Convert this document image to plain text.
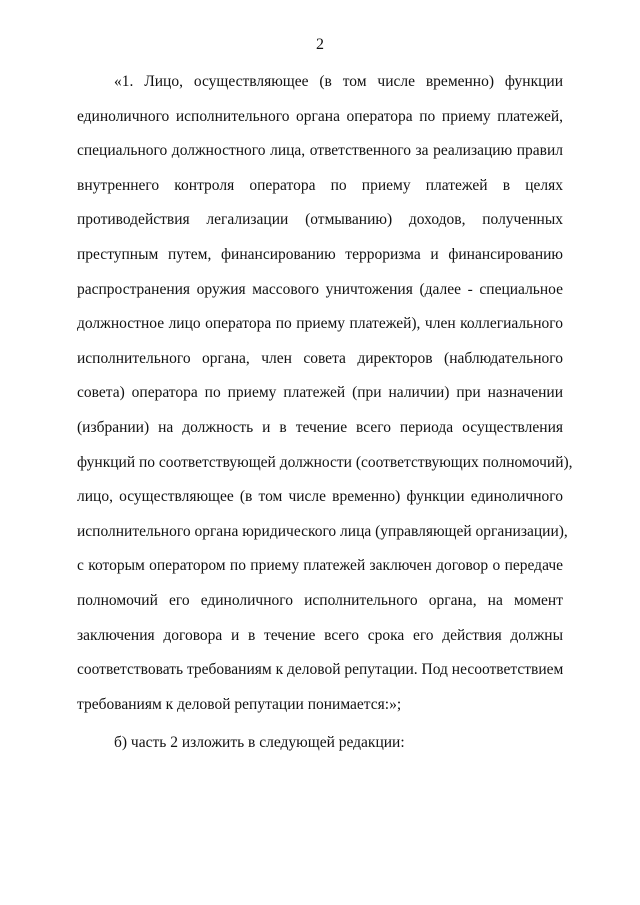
2
«1. Лицо, осуществляющее (в том числе временно) функции
единоличного исполнительного органа оператора по приему платежей,
специального должностного лица, ответственного за реализацию правил
внутреннего контроля оператора по приему платежей в целях
противодействия легализации (отмыванию) доходов, полученных
преступным путем, финансированию терроризма и финансированию
распространения оружия массового уничтожения (далее - специальное
должностное лицо оператора по приему платежей), член коллегиального
исполнительного органа, член совета директоров (наблюдательного
совета) оператора по приему платежей (при наличии) при назначении
(избрании) на должность и в течение всего периода осуществления
функций по соответствующей должности (соответствующих полномочий),
лицо, осуществляющее (в том числе временно) функции единоличного
исполнительного органа юридического лица (управляющей организации),
с которым оператором по приему платежей заключен договор о передаче
полномочий его единоличного исполнительного органа, на момент
заключения договора и в течение всего срока его действия должны
соответствовать требованиям к деловой репутации. Под несоответствием
требованиям к деловой репутации понимается:»;
б) часть 2 изложить в следующей редакции:
